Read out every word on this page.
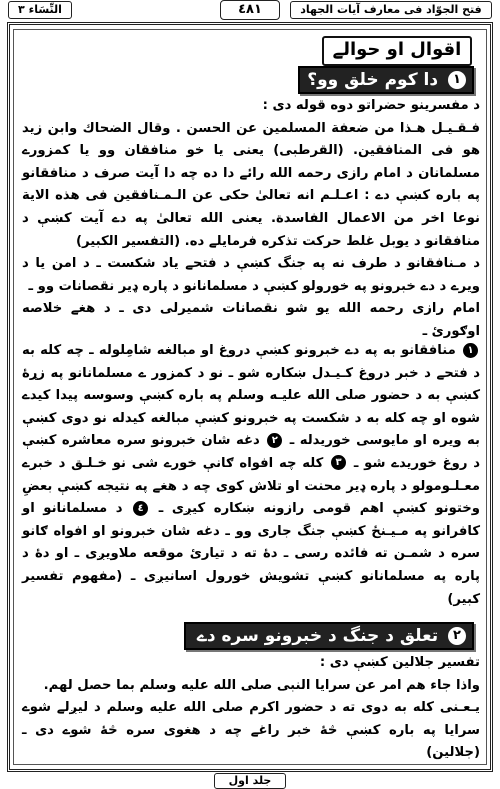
النِّسَاء ٣	٤٨١	فتح الجوّاد فی معارف آیات الجهاد
اقوال او حوالے
١ دا کوم خلق وو؟

د مفسرینو حضراتو دوه قوله دی :

فـقـيـل هـذا من ضعفة المسلمين عن الحسن . وقال الضحاك وابن زيد هو فی المنافقين. (القرطبی) یعنی یا خو منافقان وو یا کمزورے مسلمانان د امام رازی رحمه الله رائے دا ده چه دا آیت صرف د منافقانو په باره کښې دے : اعـلـم انه تعالیٰ حکی عن الـمـنافقين فی هذه الاية نوعا اخر من الاعمال الفاسدة. یعنی الله تعالیٰ په دے آیت کښې د منافقانو د یوبل غلط حرکت تذکره فرمایلے ده. (التفسير الكبير)

د مـنافقانو د طرف نه په جنگ کښې د فتحے یاد شکست ـ د امن یا د ویرے د دے خبرونو په خورولو کښې د مسلمانانو د پاره ډیر نقصانات وو ـ

امام رازی رحمه الله یو شو نقصانات شمیرلی دی ـ د هغے خلاصه اوګورئ ـ

١ منافقانو به په دے خبرونو کښې دروغ او مبالغه شامِلوله ـ چه کله به د فتحے د خبر دروغ کـیـدل ښکاره شو ـ نو د کمزور ے مسلمانانو په زړهٔ کښې به د حضور صلی الله علیـه وسلم په باره کښې وسوسه پیدا کیدے شوه او چه کله به د شکست په خبرونو کښې مبالغه کیدله نو دوی کښې به ویره او مایوسی خوریدله ـ ٢ دغه شان خبرونو سره معاشره کښې د روغ خوریدے شو ـ ٣ کله چه افواه ګانې خورے شی نو خـلـق د خبرے معـلـومولو د پاره ډیر محنت او تلاش کوی چه د هغے په نتیجه کښې بعضِ وختونو کښې اهم قومی رازونه ښکاره کیږی ـ ٤ د مسلمانانو او کافرانو په مـیـنځ کښې جنگ جاری وو ـ دغه شان خبرونو او افواه ګانو سره د شمـن ته فائده رسی ـ دهٔ ته د تیاریٔ موقعه ملاویږی ـ او دهٔ د پاره په مسلمانانو کښې تشویش خورول اسانیږی ـ (مفهوم تفسیر کبیر)

٢ تعلق د جنگ د خبرونو سره دے

تفسير جلالين کښې دی :

واذا جاء هم امر عن سرايا النبی صلی الله عليه وسلم بما حصل لهم.

یـعـنی کله به دوی ته د حضور اکرم صلی الله علیه وسلم د لیږلے شوے سرایا په باره کښې څهٔ خبر راغے چه د هغوی سره څهٔ شوے دی ـ (جلالین)

جلد اول
